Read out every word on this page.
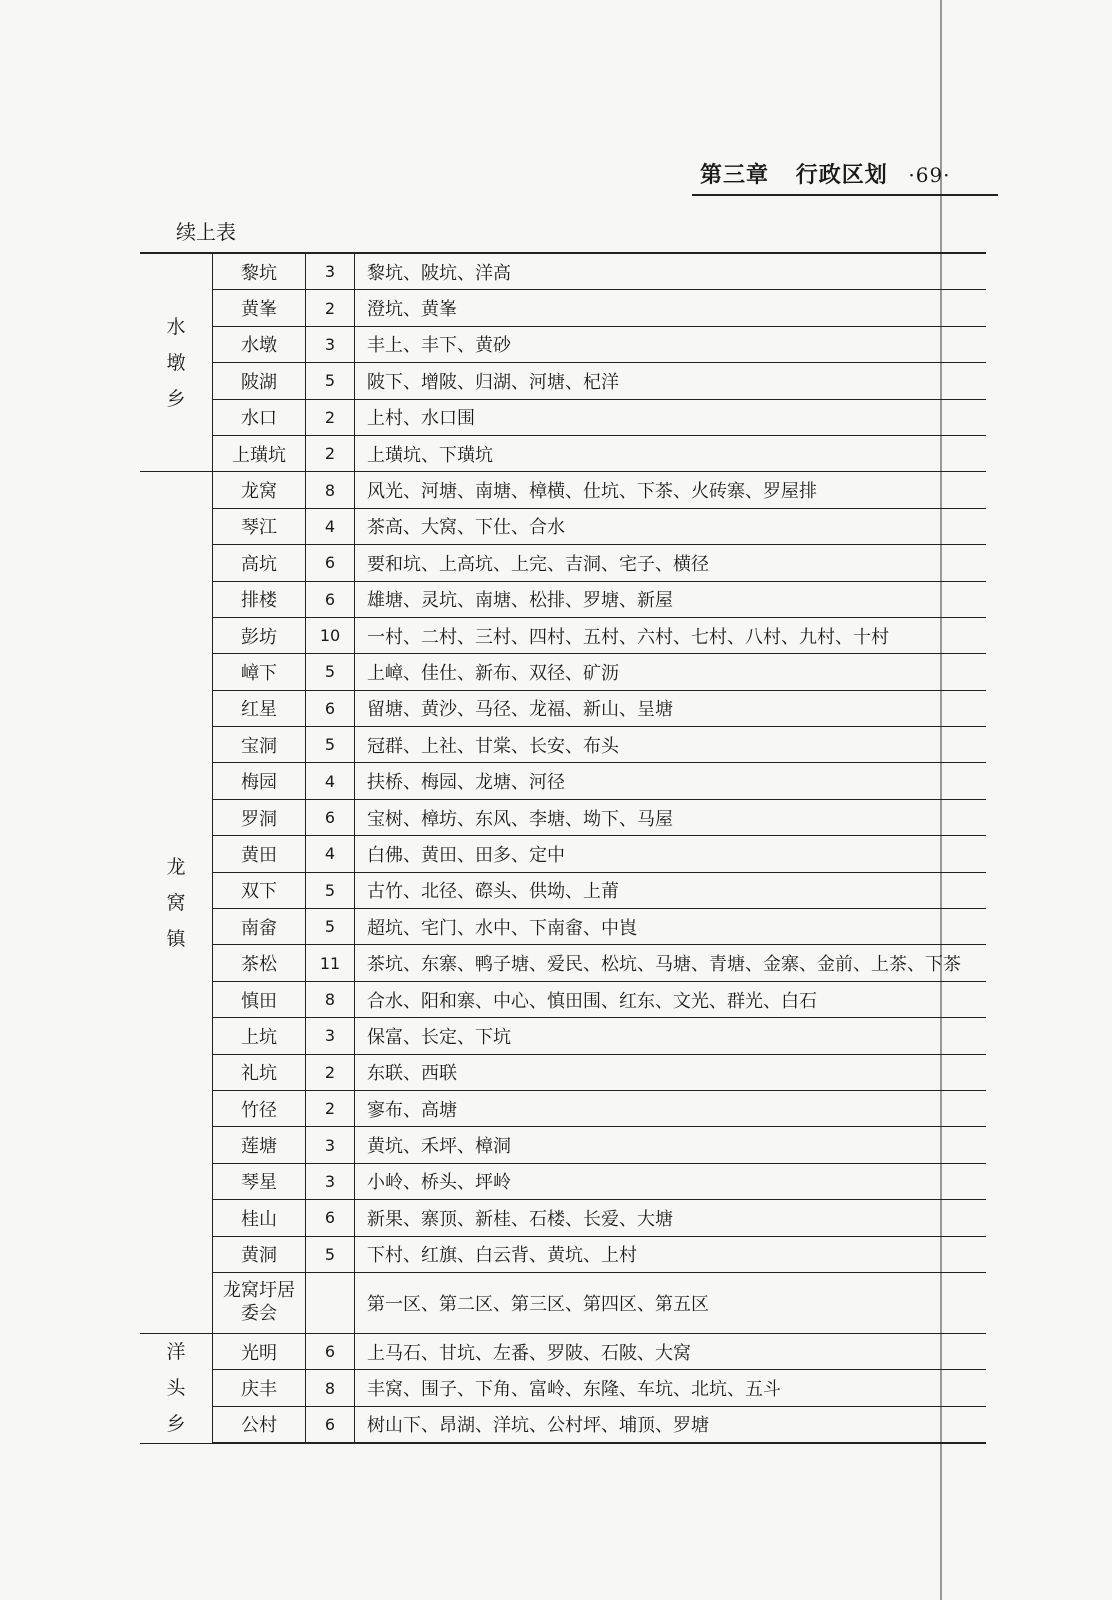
第三章 行政区划 ·69·
续上表
水墩乡	黎坑	3	黎坑、陂坑、洋高
	黄峯	2	澄坑、黄峯
	水墩	3	丰上、丰下、黄砂
	陂湖	5	陂下、增陂、归湖、河塘、杞洋
	水口	2	上村、水口围
	上璜坑	2	上璜坑、下璜坑

龙窝镇	龙窝	8	风光、河塘、南塘、樟横、仕坑、下茶、火砖寨、罗屋排
	琴江	4	茶高、大窝、下仕、合水
	高坑	6	要和坑、上高坑、上完、吉洞、宅子、横径
	排楼	6	雄塘、灵坑、南塘、松排、罗塘、新屋
	彭坊	10	一村、二村、三村、四村、五村、六村、七村、八村、九村、十村
	嶂下	5	上嶂、佳仕、新布、双径、矿沥
	红星	6	留塘、黄沙、马径、龙福、新山、呈塘
	宝洞	5	冠群、上社、甘棠、长安、布头
	梅园	4	扶桥、梅园、龙塘、河径
	罗洞	6	宝树、樟坊、东风、李塘、坳下、马屋
	黄田	4	白佛、黄田、田多、定中
	双下	5	古竹、北径、磜头、供坳、上莆
	南畲	5	超坑、宅门、水中、下南畲、中崀
	茶松	11	茶坑、东寨、鸭子塘、爱民、松坑、马塘、青塘、金寨、金前、上茶、下茶
	慎田	8	合水、阳和寨、中心、慎田围、红东、文光、群光、白石
	上坑	3	保富、长定、下坑
	礼坑	2	东联、西联
	竹径	2	寥布、高塘
	莲塘	3	黄坑、禾坪、樟洞
	琴星	3	小岭、桥头、坪岭
	桂山	6	新果、寨顶、新桂、石楼、长爱、大塘
	黄洞	5	下村、红旗、白云背、黄坑、上村
	龙窝圩居委会		第一区、第二区、第三区、第四区、第五区

洋头乡	光明	6	上马石、甘坑、左番、罗陂、石陂、大窝
	庆丰	8	丰窝、围子、下角、富岭、东隆、车坑、北坑、五斗
	公村	6	树山下、昂湖、洋坑、公村坪、埔顶、罗塘
